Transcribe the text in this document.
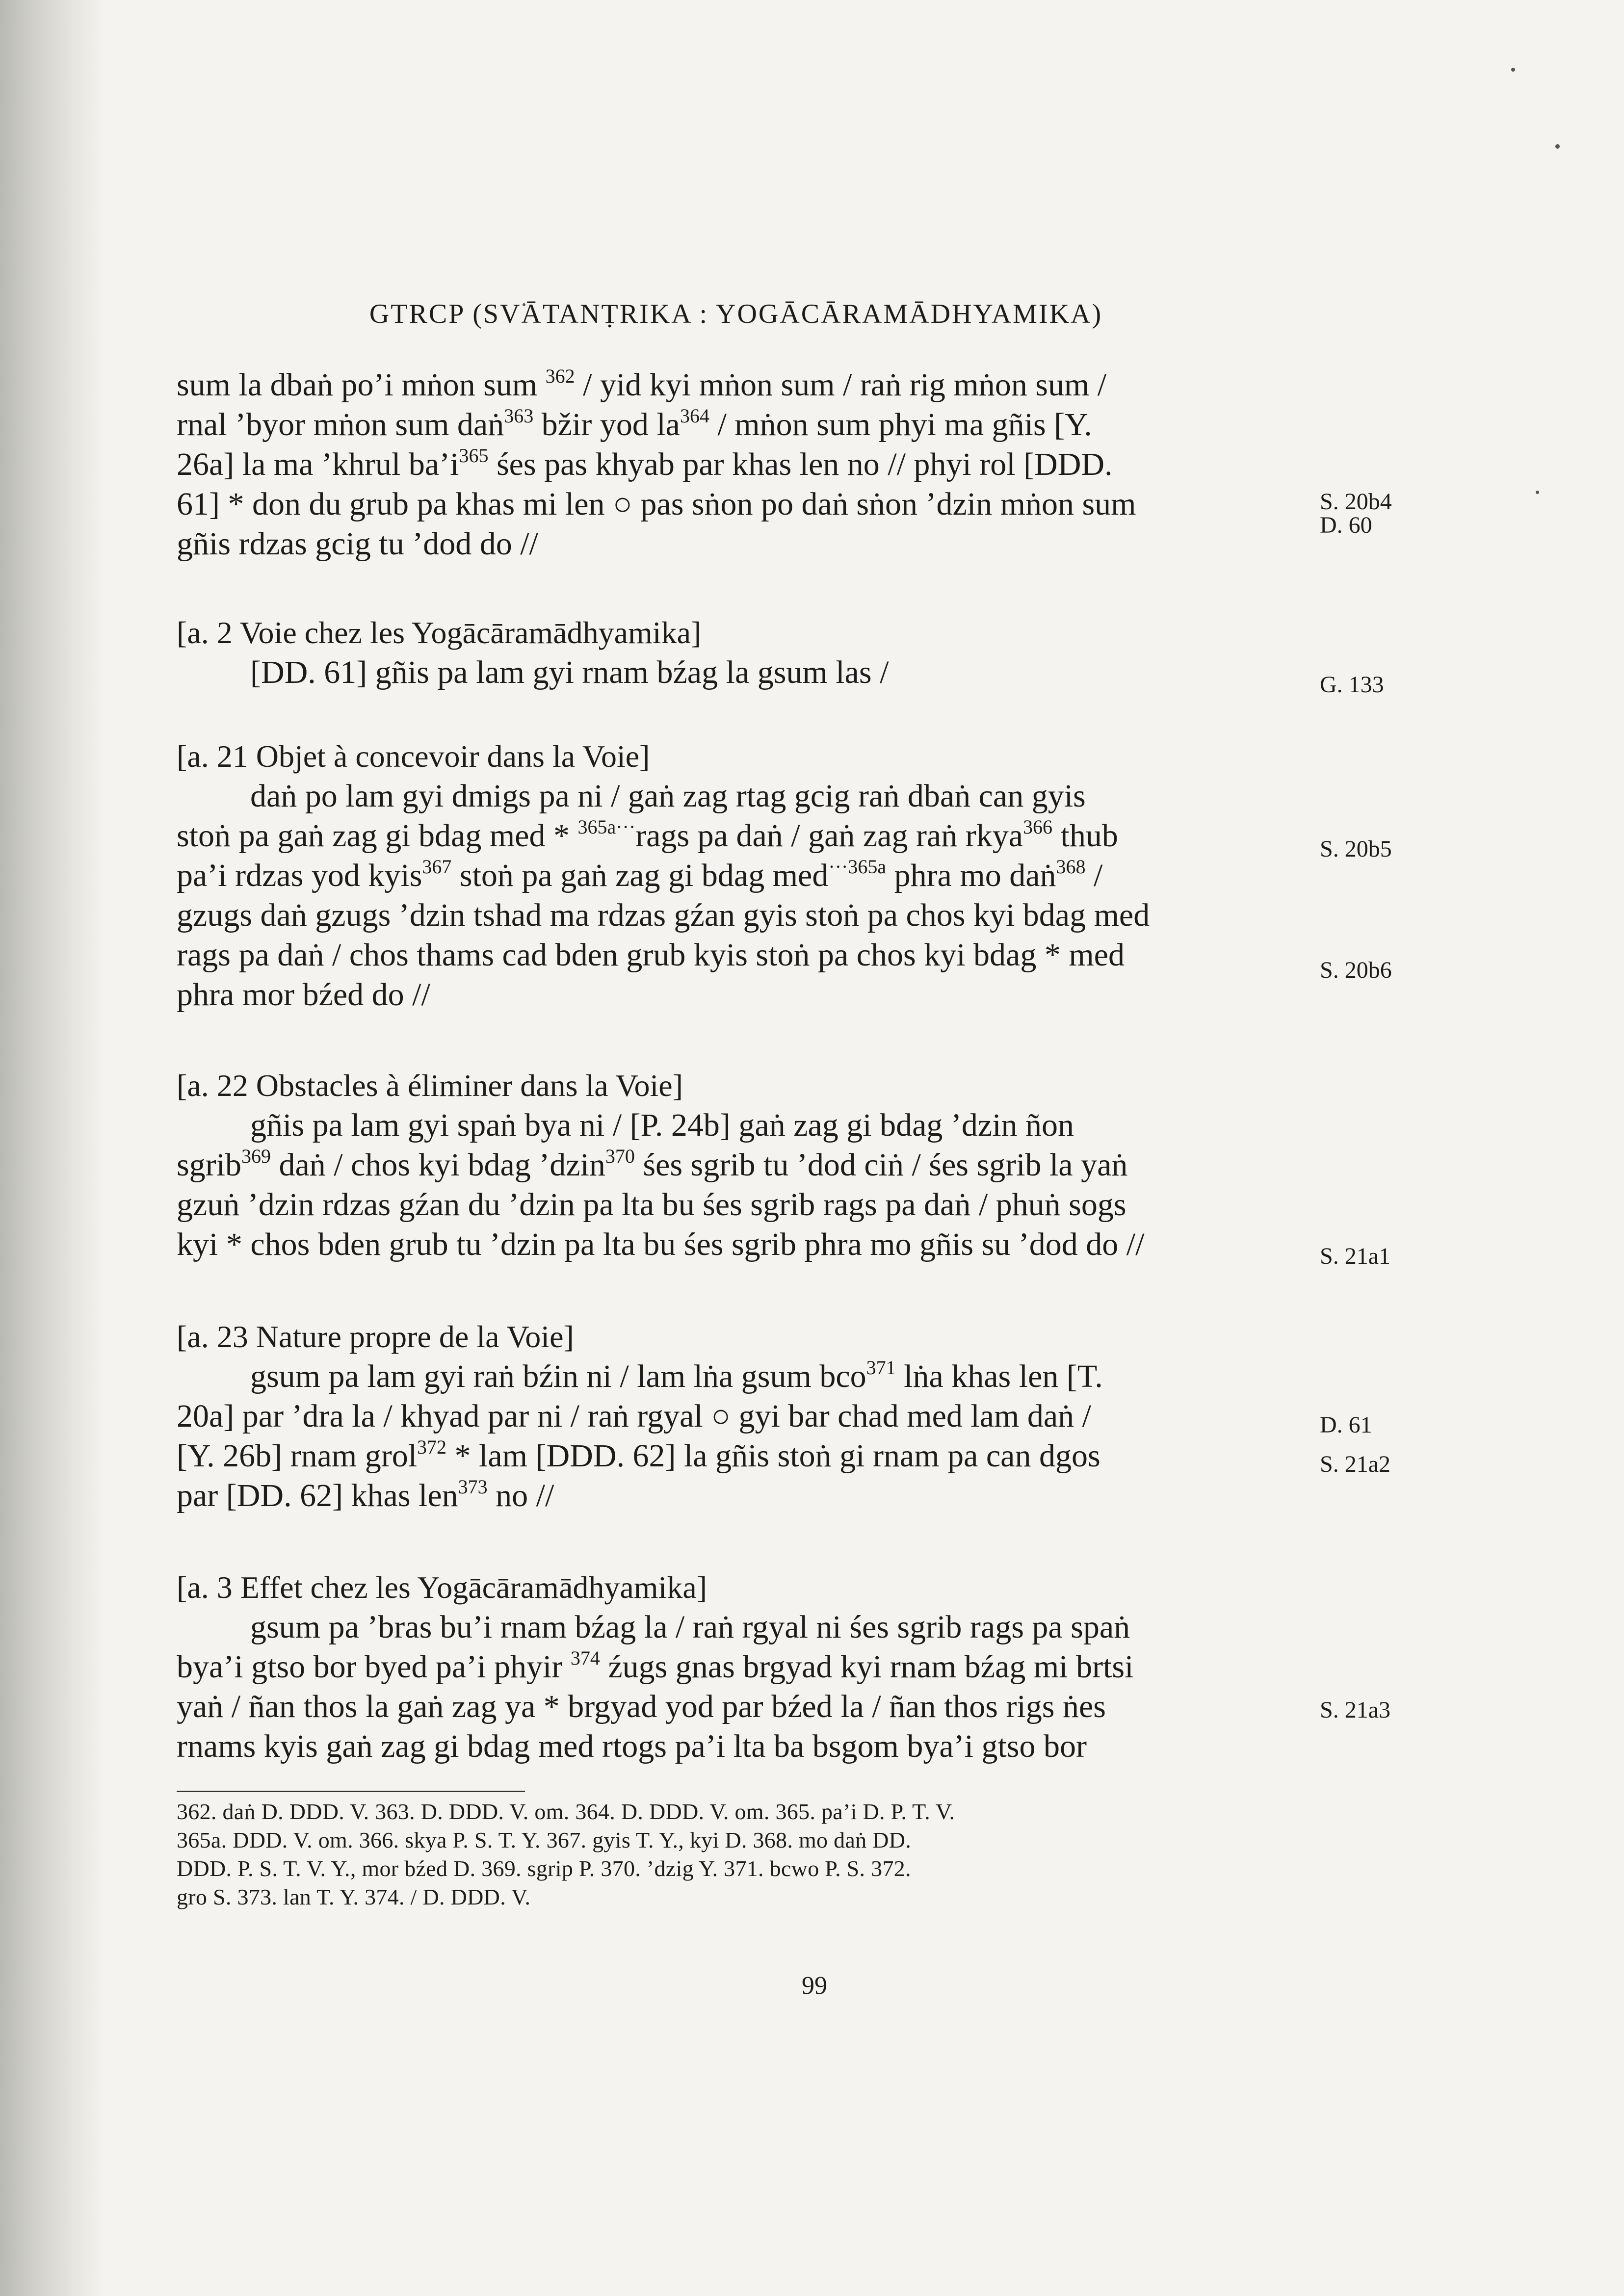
GTRCP (SVĀTANṬRIKA : YOGĀCĀRAMĀDHYAMIKA)
sum la dbaṅ po’i mṅon sum $^{362}$ / yid kyi mṅon sum / raṅ rig mṅon sum /
rnal ’byor mṅon sum daṅ$^{363}$ bžir yod $la^{364}$ / mṅon sum phyi ma gñis [Y.
26a] la ma ’khrul $ba’i^{365}$ śes pas khyab par khas len no // phyi rol [DDD.
61] * don du grub pa khas mi len ○ pas sṅon po daṅ sṅon ’dzin mṅon sum
gñis rdzas gcig tu ’dod do //
[a. 2 Voie chez les Yogācāramādhyamika]
[DD. 61] gñis pa lam gyi rnam bźag la gsum las /
[a. 21 Objet à concevoir dans la Voie]
daṅ po lam gyi dmigs pa ni / gaṅ zag rtag gcig raṅ dbaṅ can gyis
stoṅ pa gaṅ zag gi bdag med * $^{365a\cdot\cdot\cdot}$rags pa daṅ / gaṅ zag raṅ rkya$^{366}$ thub
pa’i rdzas yod kyis$^{367}$ stoṅ pa gaṅ zag gi bdag med$^{\cdot\cdot\cdot 365a}$ phra mo daṅ$^{368}$ /
gzugs daṅ gzugs ’dzin tshad ma rdzas gźan gyis stoṅ pa chos kyi bdag med
rags pa daṅ / chos thams cad bden grub kyis stoṅ pa chos kyi bdag * med
phra mor bźed do //
[a. 22 Obstacles à éliminer dans la Voie]
gñis pa lam gyi spaṅ bya ni / [P. 24b] gaṅ zag gi bdag ’dzin ñon
sgrib$^{369}$ daṅ / chos kyi bdag ’dzin$^{370}$ śes sgrib tu ’dod ciṅ / śes sgrib la yaṅ
gzuṅ ’dzin rdzas gźan du ’dzin pa lta bu śes sgrib rags pa daṅ / phuṅ sogs
kyi * chos bden grub tu ’dzin pa lta bu śes sgrib phra mo gñis su ’dod do //
[a. 23 Nature propre de la Voie]
gsum pa lam gyi raṅ bźin ni / lam lṅa gsum bco$^{371}$ lṅa khas len [T.
20a] par ’dra la / khyad par ni / raṅ rgyal ○ gyi bar chad med lam daṅ /
[Y. 26b] rnam grol$^{372}$ * lam [DDD. 62] la gñis stoṅ gi rnam pa can dgos
par [DD. 62] khas len$^{373}$ no //
[a. 3 Effet chez les Yogācāramādhyamika]
gsum pa ’bras bu’i rnam bźag la / raṅ rgyal ni śes sgrib rags pa spaṅ
bya’i gtso bor byed pa’i phyir $^{374}$ źugs gnas brgyad kyi rnam bźag mi brtsi
yaṅ / ñan thos la gaṅ zag ya * brgyad yod par bźed la / ñan thos rigs ṅes
rnams kyis gaṅ zag gi bdag med rtogs pa’i lta ba bsgom bya’i gtso bor
S. 20b4
D. 60
G. 133
S. 20b5
S. 20b6
S. 21a1
D. 61
S. 21a2
S. 21a3
362. daṅ D. DDD. V. 363. D. DDD. V. om. 364. D. DDD. V. om. 365. pa’i D. P. T. V.
365a. DDD. V. om. 366. skya P. S. T. Y. 367. gyis T. Y., kyi D. 368. mo daṅ DD.
DDD. P. S. T. V. Y., mor bźed D. 369. sgrip P. 370. ’dzig Y. 371. bcwo P. S. 372.
gro S. 373. lan T. Y. 374. / D. DDD. V.
99
